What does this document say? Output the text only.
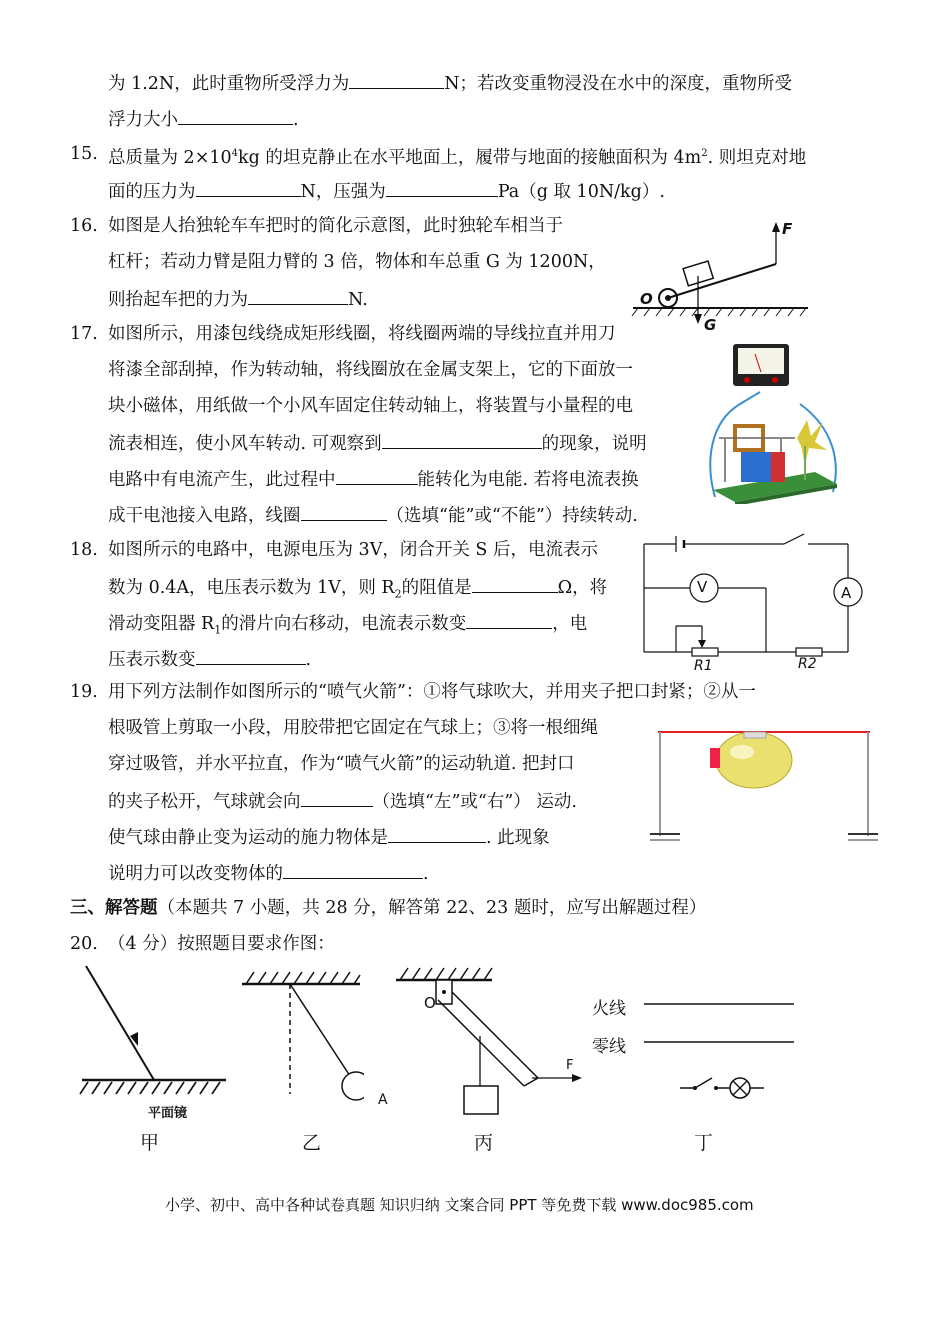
为 1.2N，此时重物所受浮力为	N；若改变重物浸没在水中的深度，重物所受
浮力大小	.
15. 总质量为 $2\times 10^4kg$ 的坦克静止在水平地面上，履带与地面的接触面积为 $4m^2$. 则坦克对地
面的压力为	N，压强为	Pa（g 取 10N/kg）.
16. 如图是人抬独轮车车把时的简化示意图，此时独轮车相当于
杠杆；若动力臂是阻力臂的 3 倍，物体和车总重 G 为 1200N，
则抬起车把的力为	N.
F
O
G
17. 如图所示，用漆包线绕成矩形线圈，将线圈两端的导线拉直并用刀
将漆全部刮掉，作为转动轴，将线圈放在金属支架上，它的下面放一
块小磁体，用纸做一个小风车固定住转动轴上，将装置与小量程的电
流表相连，使小风车转动. 可观察到	的现象，说明
电路中有电流产生，此过程中	能转化为电能. 若将电流表换
成干电池接入电路，线圈	（选填“能”或“不能”）持续转动.
18. 如图所示的电路中，电源电压为 3V，闭合开关 S 后，电流表示
数为 0.4A，电压表示数为 1V，则 $R_2$的阻值是	Ω，将
滑动变阻器 $R_1$的滑片向右移动，电流表示数变	，电
压表示数变	.
V	A
R1	R2
19. 用下列方法制作如图所示的“喷气火箭”：①将气球吹大，并用夹子把口封紧；②从一
根吸管上剪取一小段，用胶带把它固定在气球上；③将一根细绳
穿过吸管，并水平拉直，作为“喷气火箭”的运动轨道. 把封口
的夹子松开，气球就会向	（选填“左”或“右”） 运动.
使气球由静止变为运动的施力物体是	. 此现象
说明力可以改变物体的	.
三、解答题（本题共 7 小题，共 28 分，解答第 22、23 题时，应写出解题过程）
20. （4 分）按照题目要求作图：
平面镜
A
O
F
火线
零线
甲	乙	丙	丁
小学、初中、高中各种试卷真题 知识归纳 文案合同 PPT 等免费下载 www.doc985.com
